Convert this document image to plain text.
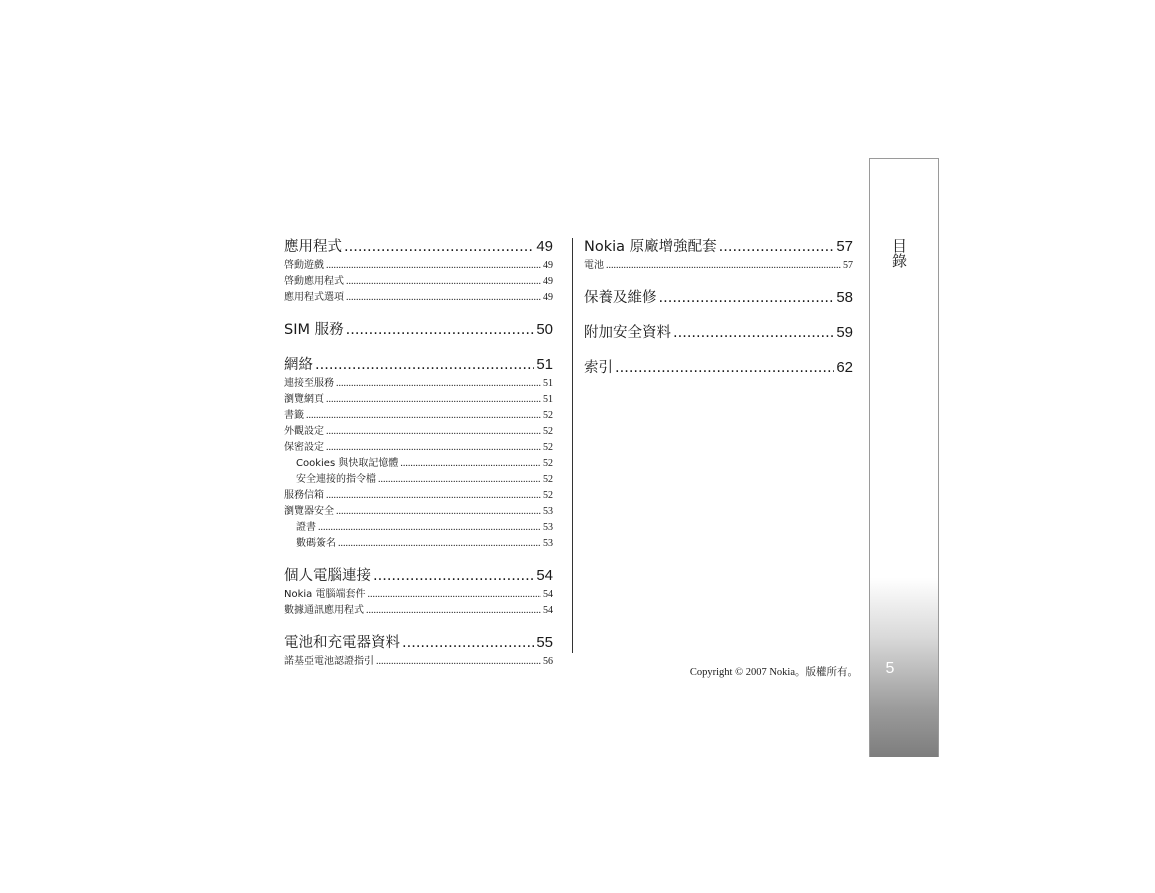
應用程式 .....	49
啓動遊戲 .....	49
啓動應用程式 .....	49
應用程式選項 .....	49
SIM 服務 .....	50
網絡 .....	51
連接至服務 .....	51
瀏覽網頁 .....	51
書籤 .....	52
外觀設定 .....	52
保密設定 .....	52
Cookies 與快取記憶體 .....	52
安全連接的指令檔 .....	52
服務信箱 .....	52
瀏覽器安全 .....	53
證書 .....	53
數碼簽名 .....	53
個人電腦連接 .....	54
Nokia 電腦端套件 .....	54
數據通訊應用程式 .....	54
電池和充電器資料 .....	55
諾基亞電池認證指引 .....	56
Nokia 原廠增強配套 .....	57
電池 .....	57
保養及維修 .....	58
附加安全資料 .....	59
索引 .....	62
目錄
5
Copyright © 2007 Nokia。版權所有。
